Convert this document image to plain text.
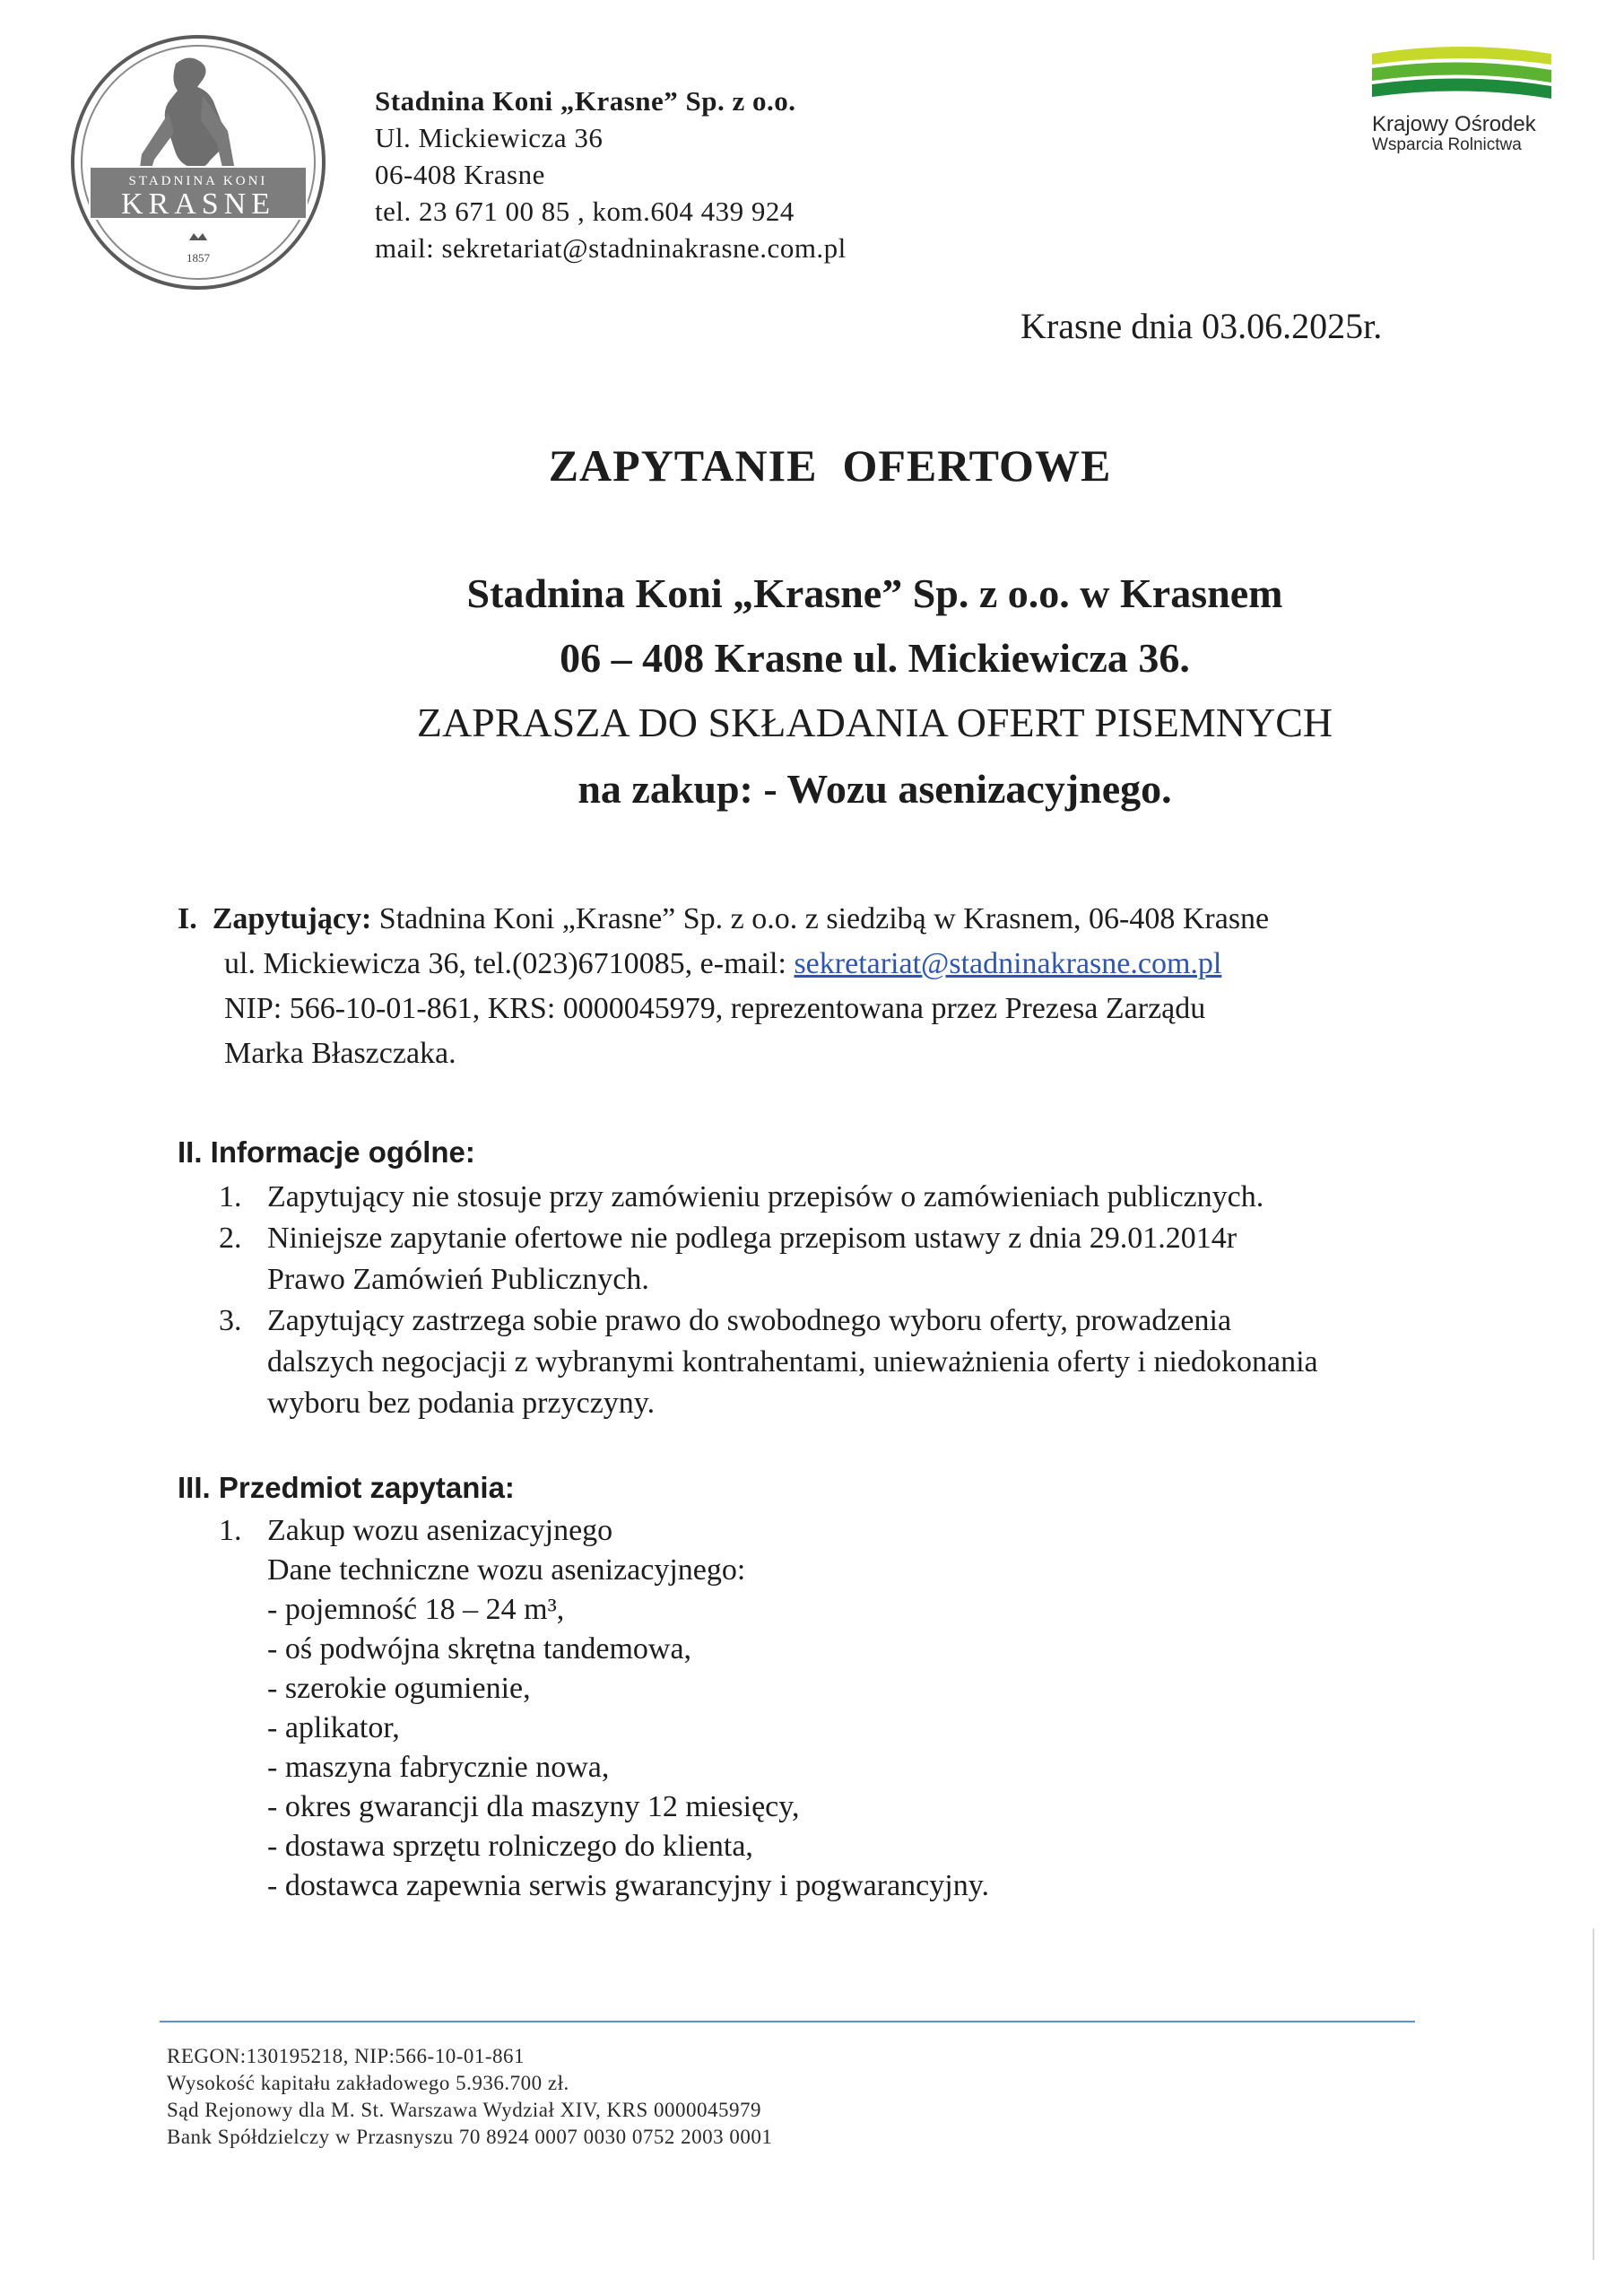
STADNINA KONI
KRASNE
1857
Stadnina Koni „Krasne” Sp. z o.o.
Ul. Mickiewicza 36
06-408 Krasne
tel. 23 671 00 85 , kom.604 439 924
mail: sekretariat@stadninakrasne.com.pl
Krajowy Ośrodek
Wsparcia Rolnictwa
Krasne dnia 03.06.2025r.
ZAPYTANIE OFERTOWE
Stadnina Koni „Krasne” Sp. z o.o. w Krasnem
06 – 408 Krasne ul. Mickiewicza 36.
ZAPRASZA DO SKŁADANIA OFERT PISEMNYCH
na zakup: - Wozu asenizacyjnego.
I. Zapytujący: Stadnina Koni „Krasne” Sp. z o.o. z siedzibą w Krasnem, 06-408 Krasne
ul. Mickiewicza 36, tel.(023)6710085, e-mail: sekretariat@stadninakrasne.com.pl
NIP: 566-10-01-861, KRS: 0000045979, reprezentowana przez Prezesa Zarządu
Marka Błaszczaka.
II. Informacje ogólne:
1. Zapytujący nie stosuje przy zamówieniu przepisów o zamówieniach publicznych.
2. Niniejsze zapytanie ofertowe nie podlega przepisom ustawy z dnia 29.01.2014r
Prawo Zamówień Publicznych.
3. Zapytujący zastrzega sobie prawo do swobodnego wyboru oferty, prowadzenia
dalszych negocjacji z wybranymi kontrahentami, unieważnienia oferty i niedokonania
wyboru bez podania przyczyny.
III. Przedmiot zapytania:
1. Zakup wozu asenizacyjnego
Dane techniczne wozu asenizacyjnego:
- pojemność 18 – 24 m³,
- oś podwójna skrętna tandemowa,
- szerokie ogumienie,
- aplikator,
- maszyna fabrycznie nowa,
- okres gwarancji dla maszyny 12 miesięcy,
- dostawa sprzętu rolniczego do klienta,
- dostawca zapewnia serwis gwarancyjny i pogwarancyjny.
REGON:130195218, NIP:566-10-01-861
Wysokość kapitału zakładowego 5.936.700 zł.
Sąd Rejonowy dla M. St. Warszawa Wydział XIV, KRS 0000045979
Bank Spółdzielczy w Przasnyszu 70 8924 0007 0030 0752 2003 0001
